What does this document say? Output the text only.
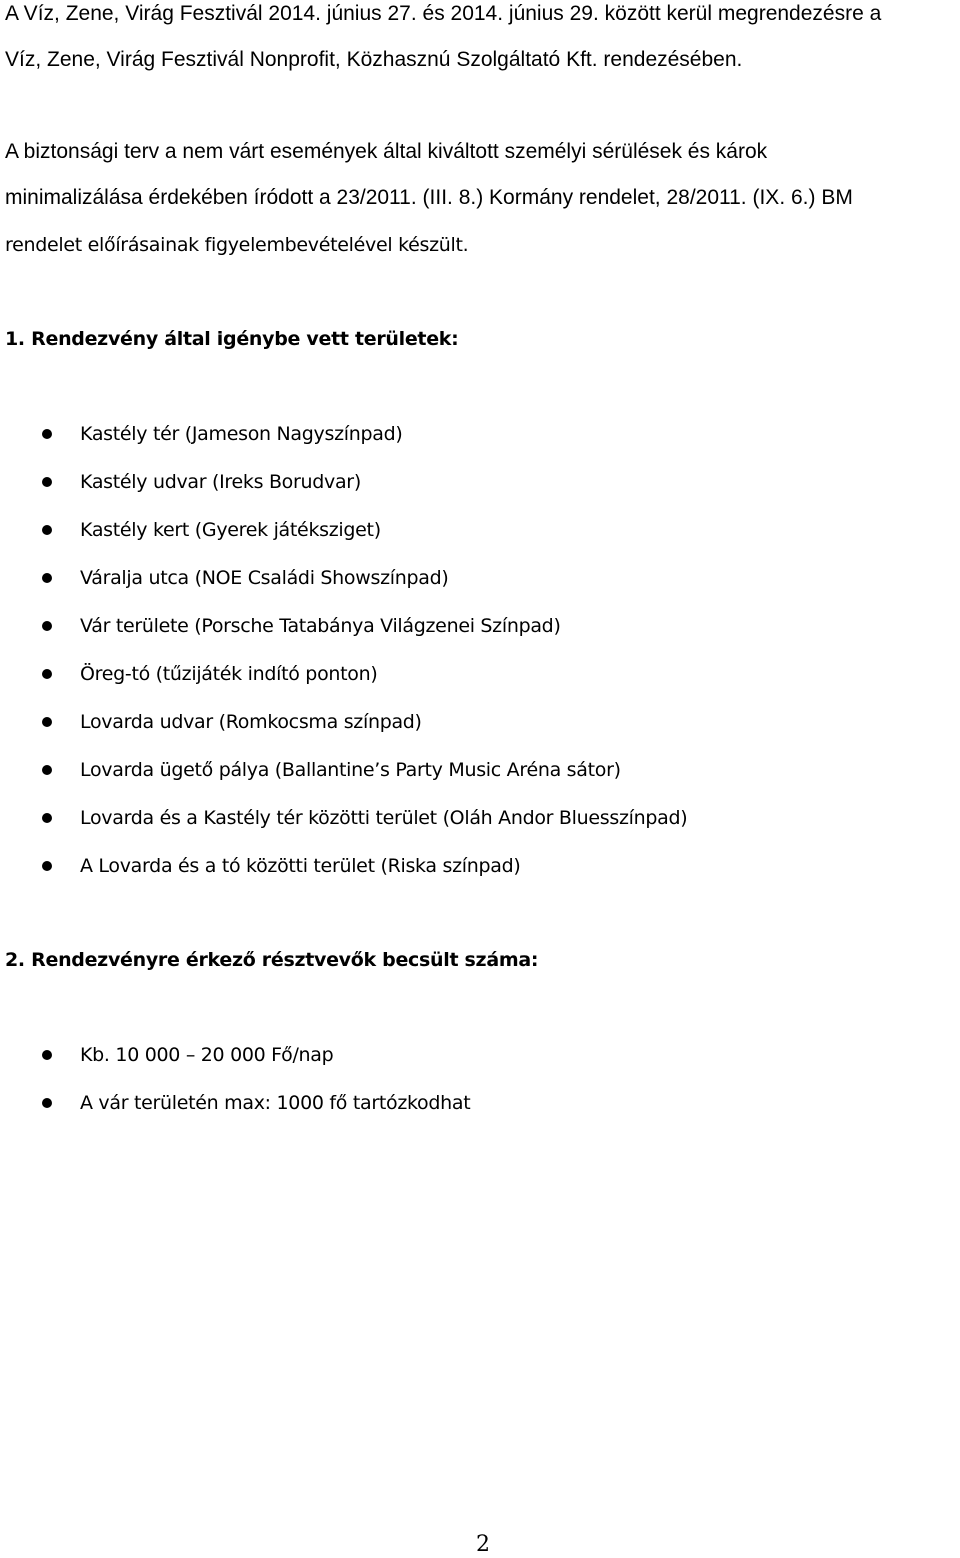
A Víz, Zene, Virág Fesztivál 2014. június 27. és 2014. június 29. között kerül megrendezésre a
Víz, Zene, Virág Fesztivál Nonprofit, Közhasznú Szolgáltató Kft. rendezésében.
A biztonsági terv a nem várt események által kiváltott személyi sérülések és károk
minimalizálása érdekében íródott a 23/2011. (III. 8.) Kormány rendelet, 28/2011. (IX. 6.) BM
rendelet előírásainak figyelembevételével készült.
1. Rendezvény által igénybe vett területek:
Kastély tér (Jameson Nagyszínpad)
Kastély udvar (Ireks Borudvar)
Kastély kert (Gyerek játéksziget)
Váralja utca (NOE Családi Showszínpad)
Vár területe (Porsche Tatabánya Világzenei Színpad)
Öreg-tó (tűzijáték indító ponton)
Lovarda udvar (Romkocsma színpad)
Lovarda ügető pálya (Ballantine’s Party Music Aréna sátor)
Lovarda és a Kastély tér közötti terület (Oláh Andor Bluesszínpad)
A Lovarda és a tó közötti terület (Riska színpad)
2. Rendezvényre érkező résztvevők becsült száma:
Kb. 10 000 – 20 000 Fő/nap
A vár területén max: 1000 fő tartózkodhat
2
